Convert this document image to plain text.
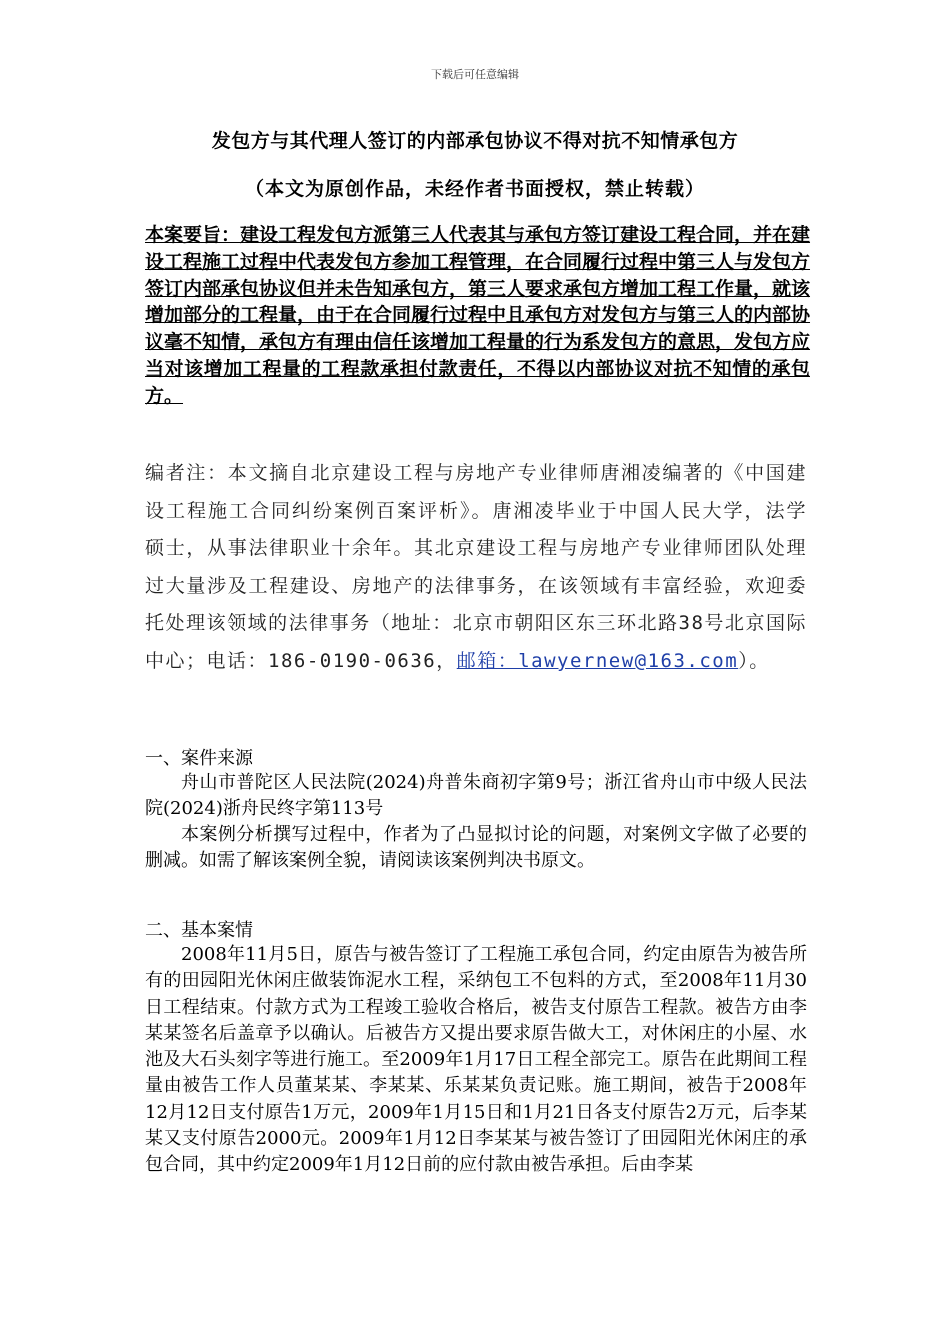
下载后可任意编辑
发包方与其代理人签订的内部承包协议不得对抗不知情承包方
（本文为原创作品，未经作者书面授权，禁止转载）

本案要旨：建设工程发包方派第三人代表其与承包方签订建设工程合同，并在建设工程施工过程中代表发包方参加工程管理，在合同履行过程中第三人与发包方签订内部承包协议但并未告知承包方，第三人要求承包方增加工程工作量，就该增加部分的工程量，由于在合同履行过程中且承包方对发包方与第三人的内部协议毫不知情，承包方有理由信任该增加工程量的行为系发包方的意思，发包方应当对该增加工程量的工程款承担付款责任，不得以内部协议对抗不知情的承包方。

编者注：本文摘自北京建设工程与房地产专业律师唐湘凌编著的《中国建设工程施工合同纠纷案例百案评析》。唐湘凌毕业于中国人民大学，法学硕士，从事法律职业十余年。其北京建设工程与房地产专业律师团队处理过大量涉及工程建设、房地产的法律事务，在该领域有丰富经验，欢迎委托处理该领域的法律事务（地址：北京市朝阳区东三环北路38号北京国际中心；电话：186-0190-0636，邮箱：lawyernew@163.com）。

一、案件来源

舟山市普陀区人民法院(2024)舟普朱商初字第9号；浙江省舟山市中级人民法院(2024)浙舟民终字第113号

本案例分析撰写过程中，作者为了凸显拟讨论的问题，对案例文字做了必要的删减。如需了解该案例全貌，请阅读该案例判决书原文。

二、基本案情

2008年11月5日，原告与被告签订了工程施工承包合同，约定由原告为被告所有的田园阳光休闲庄做装饰泥水工程，采纳包工不包料的方式，至2008年11月30日工程结束。付款方式为工程竣工验收合格后，被告支付原告工程款。被告方由李某某签名后盖章予以确认。后被告方又提出要求原告做大工，对休闲庄的小屋、水池及大石头刻字等进行施工。至2009年1月17日工程全部完工。原告在此期间工程量由被告工作人员董某某、李某某、乐某某负责记账。施工期间，被告于2008年12月12日支付原告1万元，2009年1月15日和1月21日各支付原告2万元，后李某某又支付原告2000元。2009年1月12日李某某与被告签订了田园阳光休闲庄的承包合同，其中约定2009年1月12日前的应付款由被告承担。后由李某
